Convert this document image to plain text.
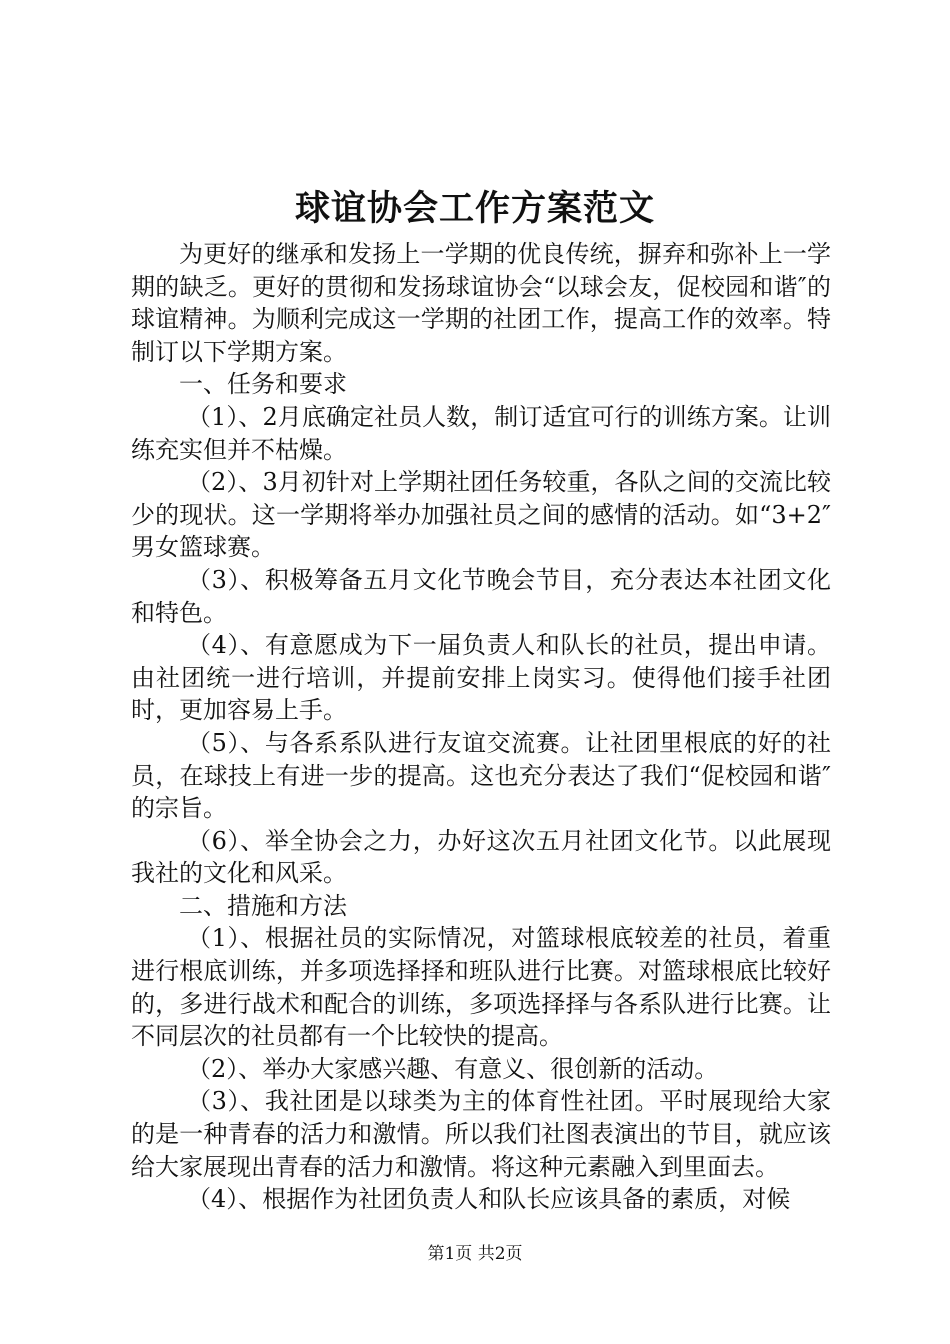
球谊协会工作方案范文

为更好的继承和发扬上一学期的优良传统，摒弃和弥补上一学期的缺乏。更好的贯彻和发扬球谊协会“以球会友，促校园和谐″的球谊精神。为顺利完成这一学期的社团工作，提高工作的效率。特制订以下学期方案。

一、任务和要求

（1）、2月底确定社员人数，制订适宜可行的训练方案。让训练充实但并不枯燥。

（2）、3月初针对上学期社团任务较重，各队之间的交流比较少的现状。这一学期将举办加强社员之间的感情的活动。如“3+2″男女篮球赛。

（3）、积极筹备五月文化节晚会节目，充分表达本社团文化和特色。

（4）、有意愿成为下一届负责人和队长的社员，提出申请。由社团统一进行培训，并提前安排上岗实习。使得他们接手社团时，更加容易上手。

（5）、与各系系队进行友谊交流赛。让社团里根底的好的社员，在球技上有进一步的提高。这也充分表达了我们“促校园和谐″的宗旨。

（6）、举全协会之力，办好这次五月社团文化节。以此展现我社的文化和风采。

二、措施和方法

（1）、根据社员的实际情况，对篮球根底较差的社员，着重进行根底训练，并多项选择择和班队进行比赛。对篮球根底比较好的，多进行战术和配合的训练，多项选择择与各系队进行比赛。让不同层次的社员都有一个比较快的提高。

（2）、举办大家感兴趣、有意义、很创新的活动。

（3）、我社团是以球类为主的体育性社团。平时展现给大家的是一种青春的活力和激情。所以我们社图表演出的节目，就应该给大家展现出青春的活力和激情。将这种元素融入到里面去。

（4）、根据作为社团负责人和队长应该具备的素质，对候

第1页 共2页
